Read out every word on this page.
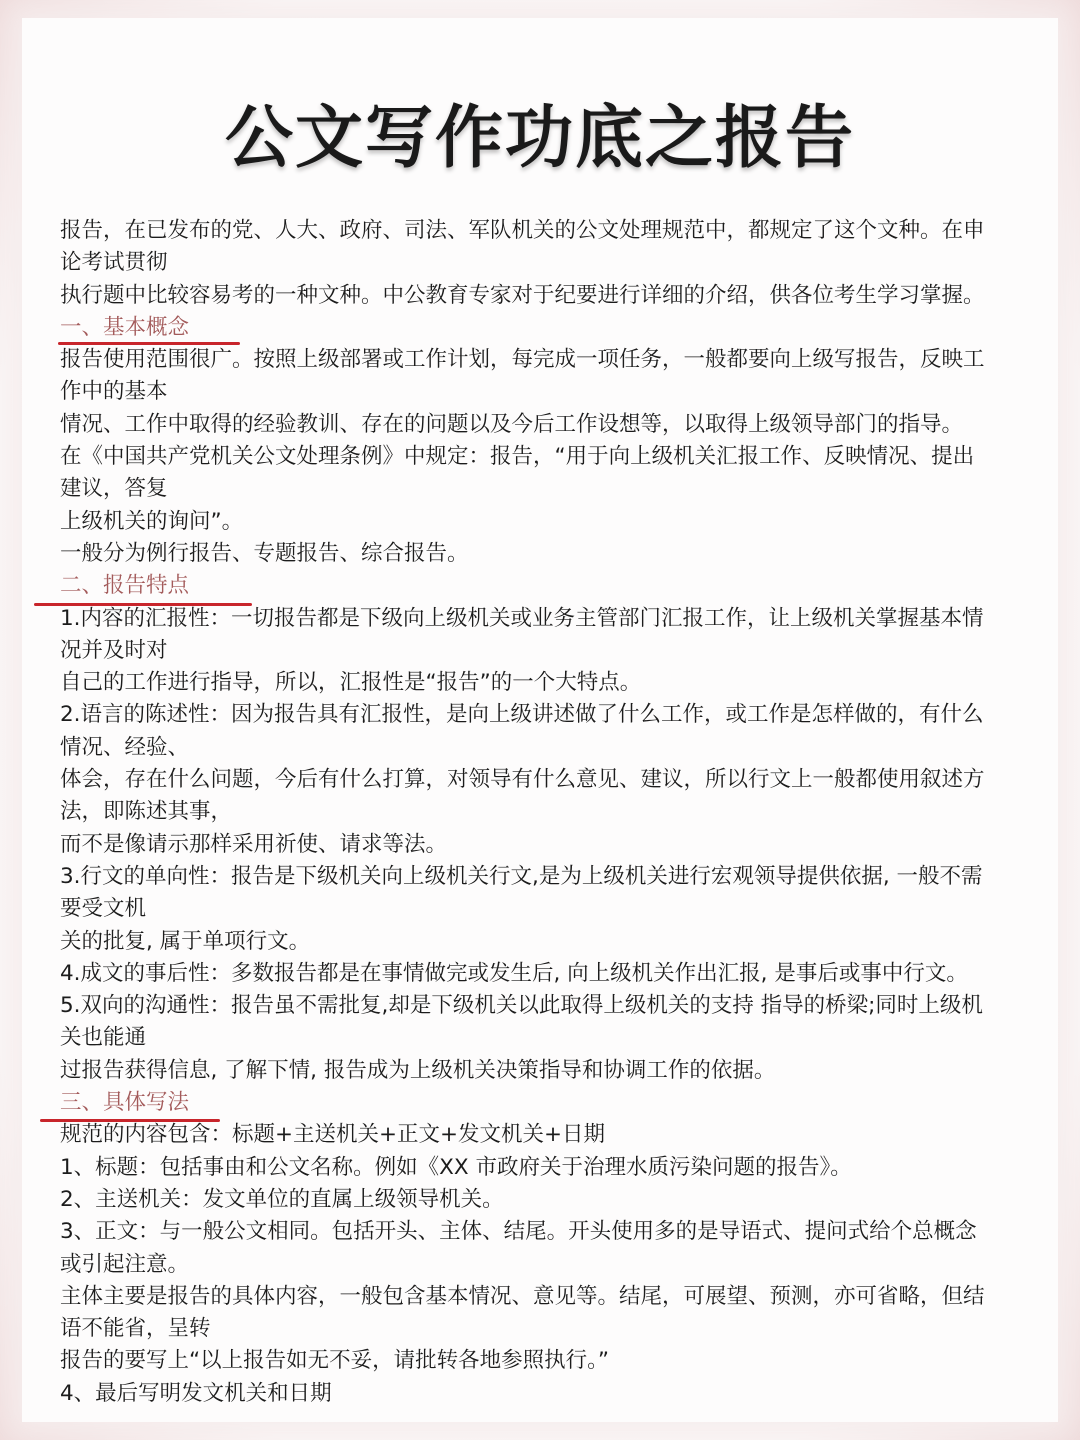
公文写作功底之报告
报告，在已发布的党、人大、政府、司法、军队机关的公文处理规范中，都规定了这个文种。在申
论考试贯彻
执行题中比较容易考的一种文种。中公教育专家对于纪要进行详细的介绍，供各位考生学习掌握。
一、基本概念
报告使用范围很广。按照上级部署或工作计划，每完成一项任务，一般都要向上级写报告，反映工
作中的基本
情况、工作中取得的经验教训、存在的问题以及今后工作设想等，以取得上级领导部门的指导。
在《中国共产党机关公文处理条例》中规定：报告，“用于向上级机关汇报工作、反映情况、提出
建议，答复
上级机关的询问”。
一般分为例行报告、专题报告、综合报告。
二、报告特点
1.内容的汇报性：一切报告都是下级向上级机关或业务主管部门汇报工作，让上级机关掌握基本情
况并及时对
自己的工作进行指导，所以，汇报性是“报告”的一个大特点。
2.语言的陈述性：因为报告具有汇报性，是向上级讲述做了什么工作，或工作是怎样做的，有什么
情况、经验、
体会，存在什么问题，今后有什么打算，对领导有什么意见、建议，所以行文上一般都使用叙述方
法，即陈述其事，
而不是像请示那样采用祈使、请求等法。
3.行文的单向性：报告是下级机关向上级机关行文,是为上级机关进行宏观领导提供依据, 一般不需
要受文机
关的批复, 属于单项行文。
4.成文的事后性：多数报告都是在事情做完或发生后, 向上级机关作出汇报, 是事后或事中行文。
5.双向的沟通性：报告虽不需批复,却是下级机关以此取得上级机关的支持 指导的桥梁;同时上级机
关也能通
过报告获得信息, 了解下情, 报告成为上级机关决策指导和协调工作的依据。
三、具体写法
规范的内容包含：标题+主送机关+正文+发文机关+日期
1、标题：包括事由和公文名称。例如《XX 市政府关于治理水质污染问题的报告》。
2、主送机关：发文单位的直属上级领导机关。
3、正文：与一般公文相同。包括开头、主体、结尾。开头使用多的是导语式、提问式给个总概念
或引起注意。
主体主要是报告的具体内容，一般包含基本情况、意见等。结尾，可展望、预测，亦可省略，但结
语不能省，呈转
报告的要写上“以上报告如无不妥，请批转各地参照执行。”
4、最后写明发文机关和日期
